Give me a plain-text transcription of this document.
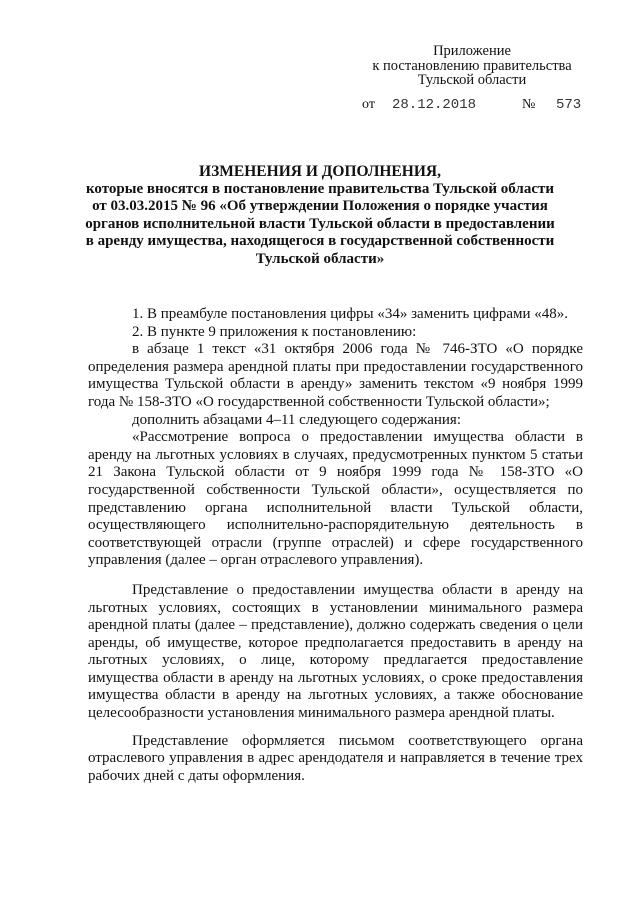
Приложение
к постановлению правительства
Тульской области
от 28.12.2018	№ 573
ИЗМЕНЕНИЯ И ДОПОЛНЕНИЯ,
которые вносятся в постановление правительства Тульской области
от 03.03.2015 № 96 «Об утверждении Положения о порядке участия
органов исполнительной власти Тульской области в предоставлении
в аренду имущества, находящегося в государственной собственности
Тульской области»

1. В преамбуле постановления цифры «34» заменить цифрами «48».

2. В пункте 9 приложения к постановлению:

в абзаце 1 текст «31 октября 2006 года № 746-ЗТО «О порядке определения размера арендной платы при предоставлении государственного имущества Тульской области в аренду» заменить текстом «9 ноября 1999 года № 158-ЗТО «О государственной собственности Тульской области»;

дополнить абзацами 4–11 следующего содержания:

«Рассмотрение вопроса о предоставлении имущества области в аренду на льготных условиях в случаях, предусмотренных пунктом 5 статьи 21 Закона Тульской области от 9 ноября 1999 года № 158-ЗТО «О государственной собственности Тульской области», осуществляется по представлению органа исполнительной власти Тульской области, осуществляющего исполнительно-распорядительную деятельность в соответствующей отрасли (группе отраслей) и сфере государственного управления (далее – орган отраслевого управления).

Представление о предоставлении имущества области в аренду на льготных условиях, состоящих в установлении минимального размера арендной платы (далее – представление), должно содержать сведения о цели аренды, об имуществе, которое предполагается предоставить в аренду на льготных условиях, о лице, которому предлагается предоставление имущества области в аренду на льготных условиях, о сроке предоставления имущества области в аренду на льготных условиях, а также обоснование целесообразности установления минимального размера арендной платы.

Представление оформляется письмом соответствующего органа отраслевого управления в адрес арендодателя и направляется в течение трех рабочих дней с даты оформления.
